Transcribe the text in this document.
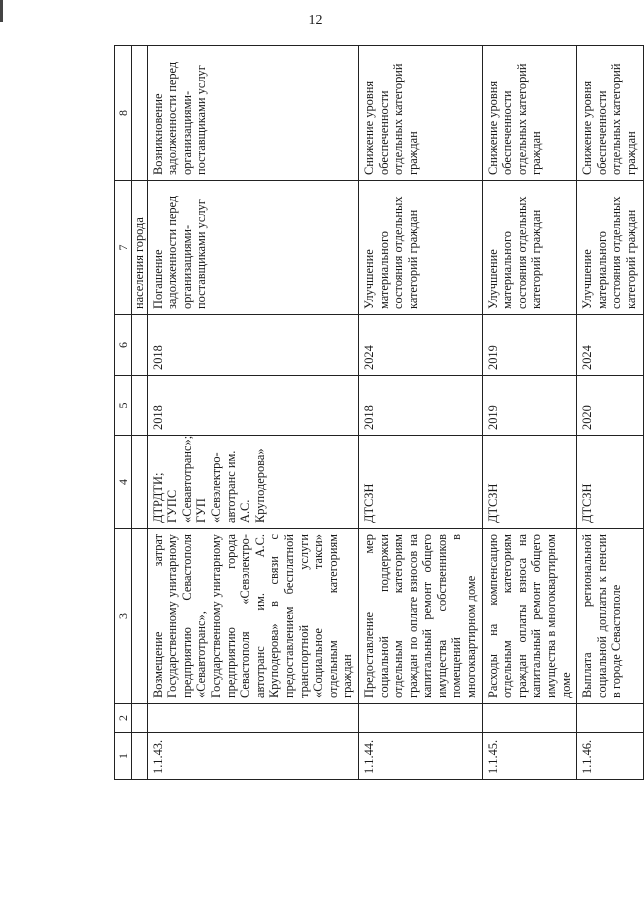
12
1	2	3	4	5	6	7	8
						населения города	
1.1.43.		Возмещение затрат Государственному унитарному предприятию Севастополя «Севавтотранс», Государственному унитарному предприятию города Севастополя «Севэлектро-автотранс им. А.С. Круподерова» в связи с предоставлением бесплатной транспортной услуги «Социальное такси» отдельным категориям граждан	ДТРДТИ; ГУПС «Севавтотранс»; ГУП «Севэлектро-автотранс им. А.С. Круподерова»	2018	2018	Погашение задолженности перед организациями-поставщиками услуг	Возникновение задолженности перед организациями-поставщиками услуг
1.1.44.		Предоставление мер социальной поддержки отдельным категориям граждан по оплате взносов на капитальный ремонт общего имущества собственников помещений в многоквартирном доме	ДТСЗН	2018	2024	Улучшение материального состояния отдельных категорий граждан	Снижение уровня обеспеченности отдельных категорий граждан
1.1.45.		Расходы на компенсацию отдельным категориям граждан оплаты взноса на капитальный ремонт общего имущества в многоквартирном доме	ДТСЗН	2019	2019	Улучшение материального состояния отдельных категорий граждан	Снижение уровня обеспеченности отдельных категорий граждан
1.1.46.		Выплата региональной социальной доплаты к пенсии в городе Севастополе	ДТСЗН	2020	2024	Улучшение материального состояния отдельных категорий граждан	Снижение уровня обеспеченности отдельных категорий граждан
